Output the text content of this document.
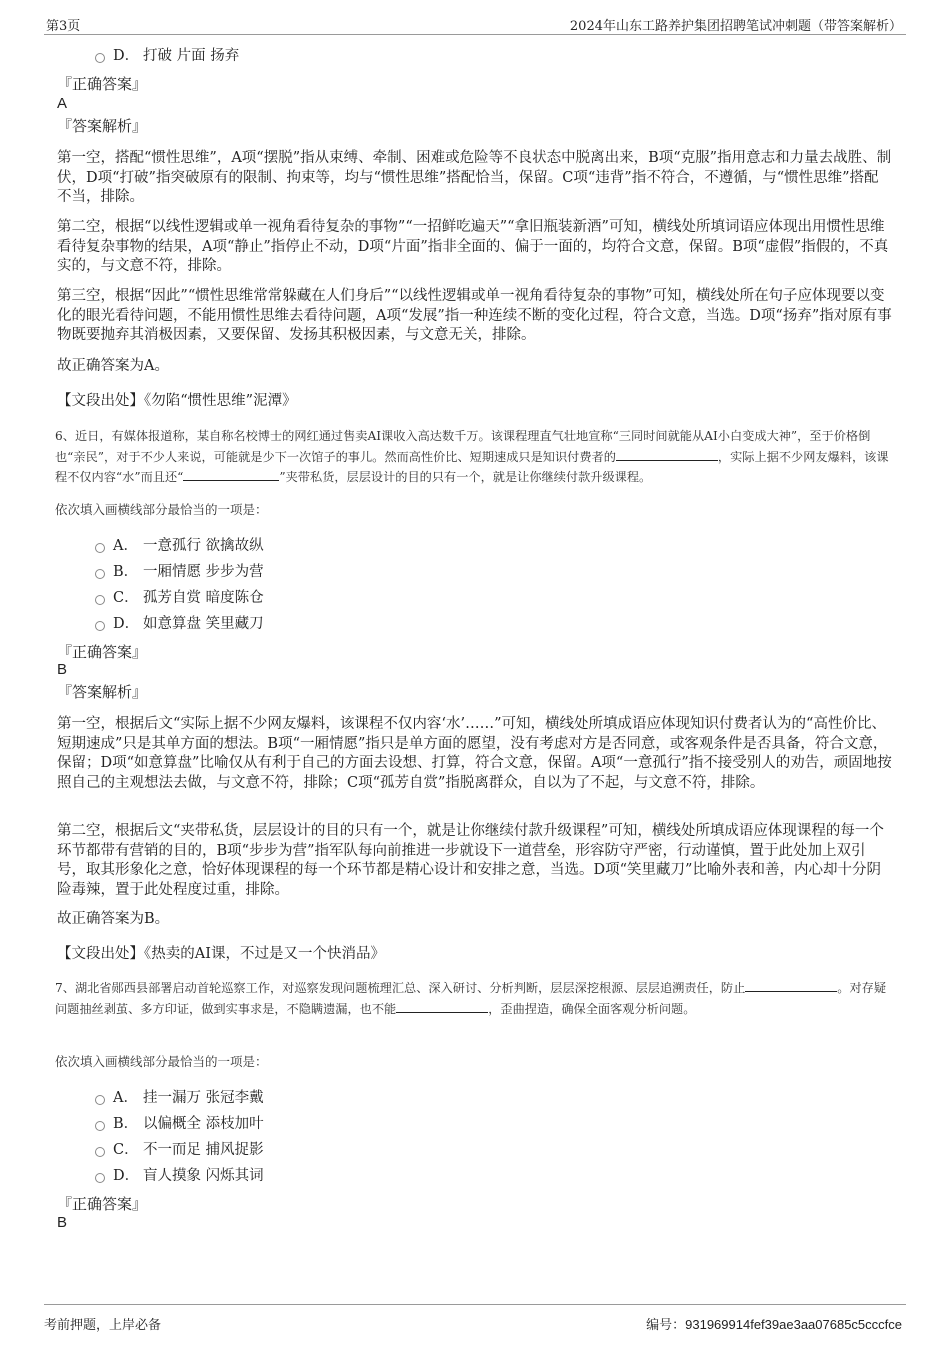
第3页	2024年山东工路养护集团招聘笔试冲刺题（带答案解析）
D． 打破 片面 扬弃
『正确答案』
A
『答案解析』

第一空，搭配“惯性思维”，A项“摆脱”指从束缚、牵制、困难或危险等不良状态中脱离出来，B项“克服”指用意志和力量去战胜、制伏，D项“打破”指突破原有的限制、拘束等，均与“惯性思维”搭配恰当，保留。C项“违背”指不符合，不遵循，与“惯性思维”搭配不当，排除。

第二空，根据“以线性逻辑或单一视角看待复杂的事物”“一招鲜吃遍天”“拿旧瓶装新酒”可知，横线处所填词语应体现出用惯性思维看待复杂事物的结果，A项“静止”指停止不动，D项“片面”指非全面的、偏于一面的，均符合文意，保留。B项“虚假”指假的，不真实的，与文意不符，排除。

第三空，根据“因此”“惯性思维常常躲藏在人们身后”“以线性逻辑或单一视角看待复杂的事物”可知，横线处所在句子应体现要以变化的眼光看待问题，不能用惯性思维去看待问题，A项“发展”指一种连续不断的变化过程，符合文意，当选。D项“扬弃”指对原有事物既要抛弃其消极因素，又要保留、发扬其积极因素，与文意无关，排除。

故正确答案为A。

【文段出处】《勿陷“惯性思维”泥潭》

6、近日，有媒体报道称，某自称名校博士的网红通过售卖AI课收入高达数千万。该课程理直气壮地宣称“三同时间就能从AI小白变成大神”，至于价格倒也“亲民”，对于不少人来说，可能就是少下一次馆子的事儿。然而高性价比、短期速成只是知识付费者的	，实际上据不少网友爆料，该课程不仅内容“水”而且还“	”夹带私货，层层设计的目的只有一个，就是让你继续付款升级课程。

依次填入画横线部分最恰当的一项是：
A． 一意孤行 欲擒故纵
B． 一厢情愿 步步为营
C． 孤芳自赏 暗度陈仓
D． 如意算盘 笑里藏刀
『正确答案』
B
『答案解析』

第一空，根据后文“实际上据不少网友爆料，该课程不仅内容‘水’……”可知，横线处所填成语应体现知识付费者认为的“高性价比、短期速成”只是其单方面的想法。B项“一厢情愿”指只是单方面的愿望，没有考虑对方是否同意，或客观条件是否具备，符合文意，保留；D项“如意算盘”比喻仅从有利于自己的方面去设想、打算，符合文意，保留。A项“一意孤行”指不接受别人的劝告，顽固地按照自己的主观想法去做，与文意不符，排除；C项“孤芳自赏”指脱离群众，自以为了不起，与文意不符，排除。

第二空，根据后文“夹带私货，层层设计的目的只有一个，就是让你继续付款升级课程”可知，横线处所填成语应体现课程的每一个环节都带有营销的目的，B项“步步为营”指军队每向前推进一步就设下一道营垒，形容防守严密，行动谨慎，置于此处加上双引号，取其形象化之意，恰好体现课程的每一个环节都是精心设计和安排之意，当选。D项“笑里藏刀”比喻外表和善，内心却十分阴险毒辣，置于此处程度过重，排除。

故正确答案为B。

【文段出处】《热卖的AI课，不过是又一个快消品》

7、湖北省郧西县部署启动首轮巡察工作，对巡察发现问题梳理汇总、深入研讨、分析判断，层层深挖根源、层层追溯责任，防止	。对存疑问题抽丝剥茧、多方印证，做到实事求是，不隐瞒遗漏，也不能	，歪曲捏造，确保全面客观分析问题。

依次填入画横线部分最恰当的一项是：
A． 挂一漏万 张冠李戴
B． 以偏概全 添枝加叶
C． 不一而足 捕风捉影
D． 盲人摸象 闪烁其词
『正确答案』
B
考前押题，上岸必备	编号：931969914fef39ae3aa07685c5cccfce
